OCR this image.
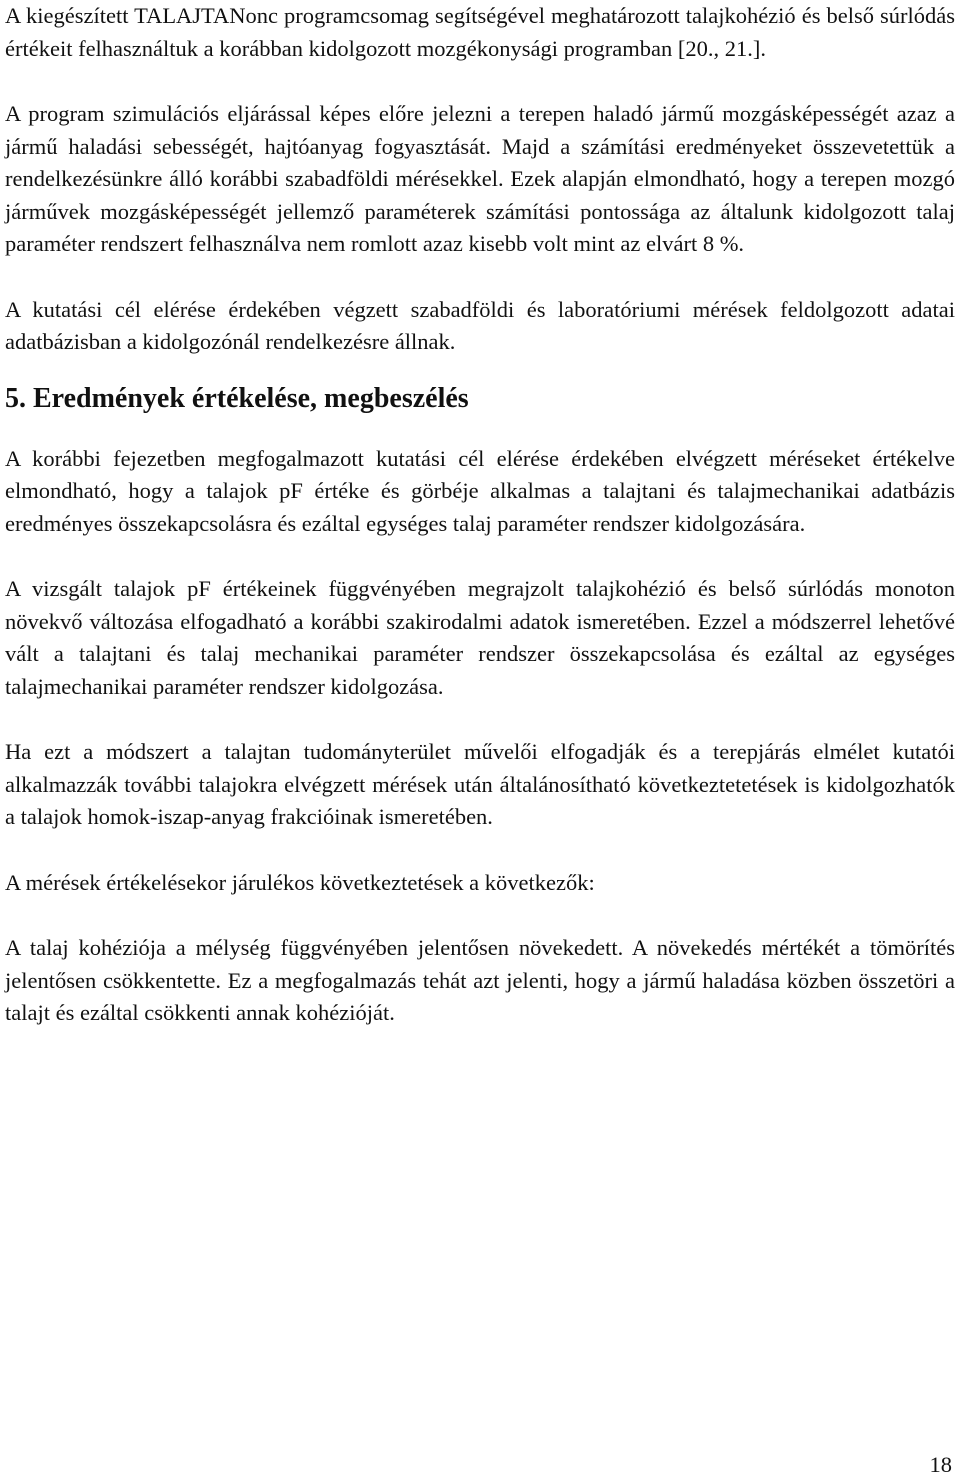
A kiegészített TALAJTANonc programcsomag segítségével meghatározott talajkohézió és belső súrlódás értékeit felhasználtuk a korábban kidolgozott mozgékonysági programban [20., 21.].

A program szimulációs eljárással képes előre jelezni a terepen haladó jármű mozgásképességét azaz a jármű haladási sebességét, hajtóanyag fogyasztását. Majd a számítási eredményeket összevetettük a rendelkezésünkre álló korábbi szabadföldi mérésekkel. Ezek alapján elmondható, hogy a terepen mozgó járművek mozgásképességét jellemző paraméterek számítási pontossága az általunk kidolgozott talaj paraméter rendszert felhasználva nem romlott azaz kisebb volt mint az elvárt 8 %.

A kutatási cél elérése érdekében végzett szabadföldi és laboratóriumi mérések feldolgozott adatai adatbázisban a kidolgozónál rendelkezésre állnak.

5. Eredmények értékelése, megbeszélés

A korábbi fejezetben megfogalmazott kutatási cél elérése érdekében elvégzett méréseket értékelve elmondható, hogy a talajok pF értéke és görbéje alkalmas a talajtani és talajmechanikai adatbázis eredményes összekapcsolásra és ezáltal egységes talaj paraméter rendszer kidolgozására.

A vizsgált talajok pF értékeinek függvényében megrajzolt talajkohézió és belső súrlódás monoton növekvő változása elfogadható a korábbi szakirodalmi adatok ismeretében. Ezzel a módszerrel lehetővé vált a talajtani és talaj mechanikai paraméter rendszer összekapcsolása és ezáltal az egységes talajmechanikai paraméter rendszer kidolgozása.

Ha ezt a módszert a talajtan tudományterület művelői elfogadják és a terepjárás elmélet kutatói alkalmazzák további talajokra elvégzett mérések után általánosítható következtetetések is kidolgozhatók a talajok homok-iszap-anyag frakcióinak ismeretében.

A mérések értékelésekor járulékos következtetések a következők:

A talaj kohéziója a mélység függvényében jelentősen növekedett. A növekedés mértékét a tömörítés jelentősen csökkentette. Ez a megfogalmazás tehát azt jelenti, hogy a jármű haladása közben összetöri a talajt és ezáltal csökkenti annak kohézióját.

18
